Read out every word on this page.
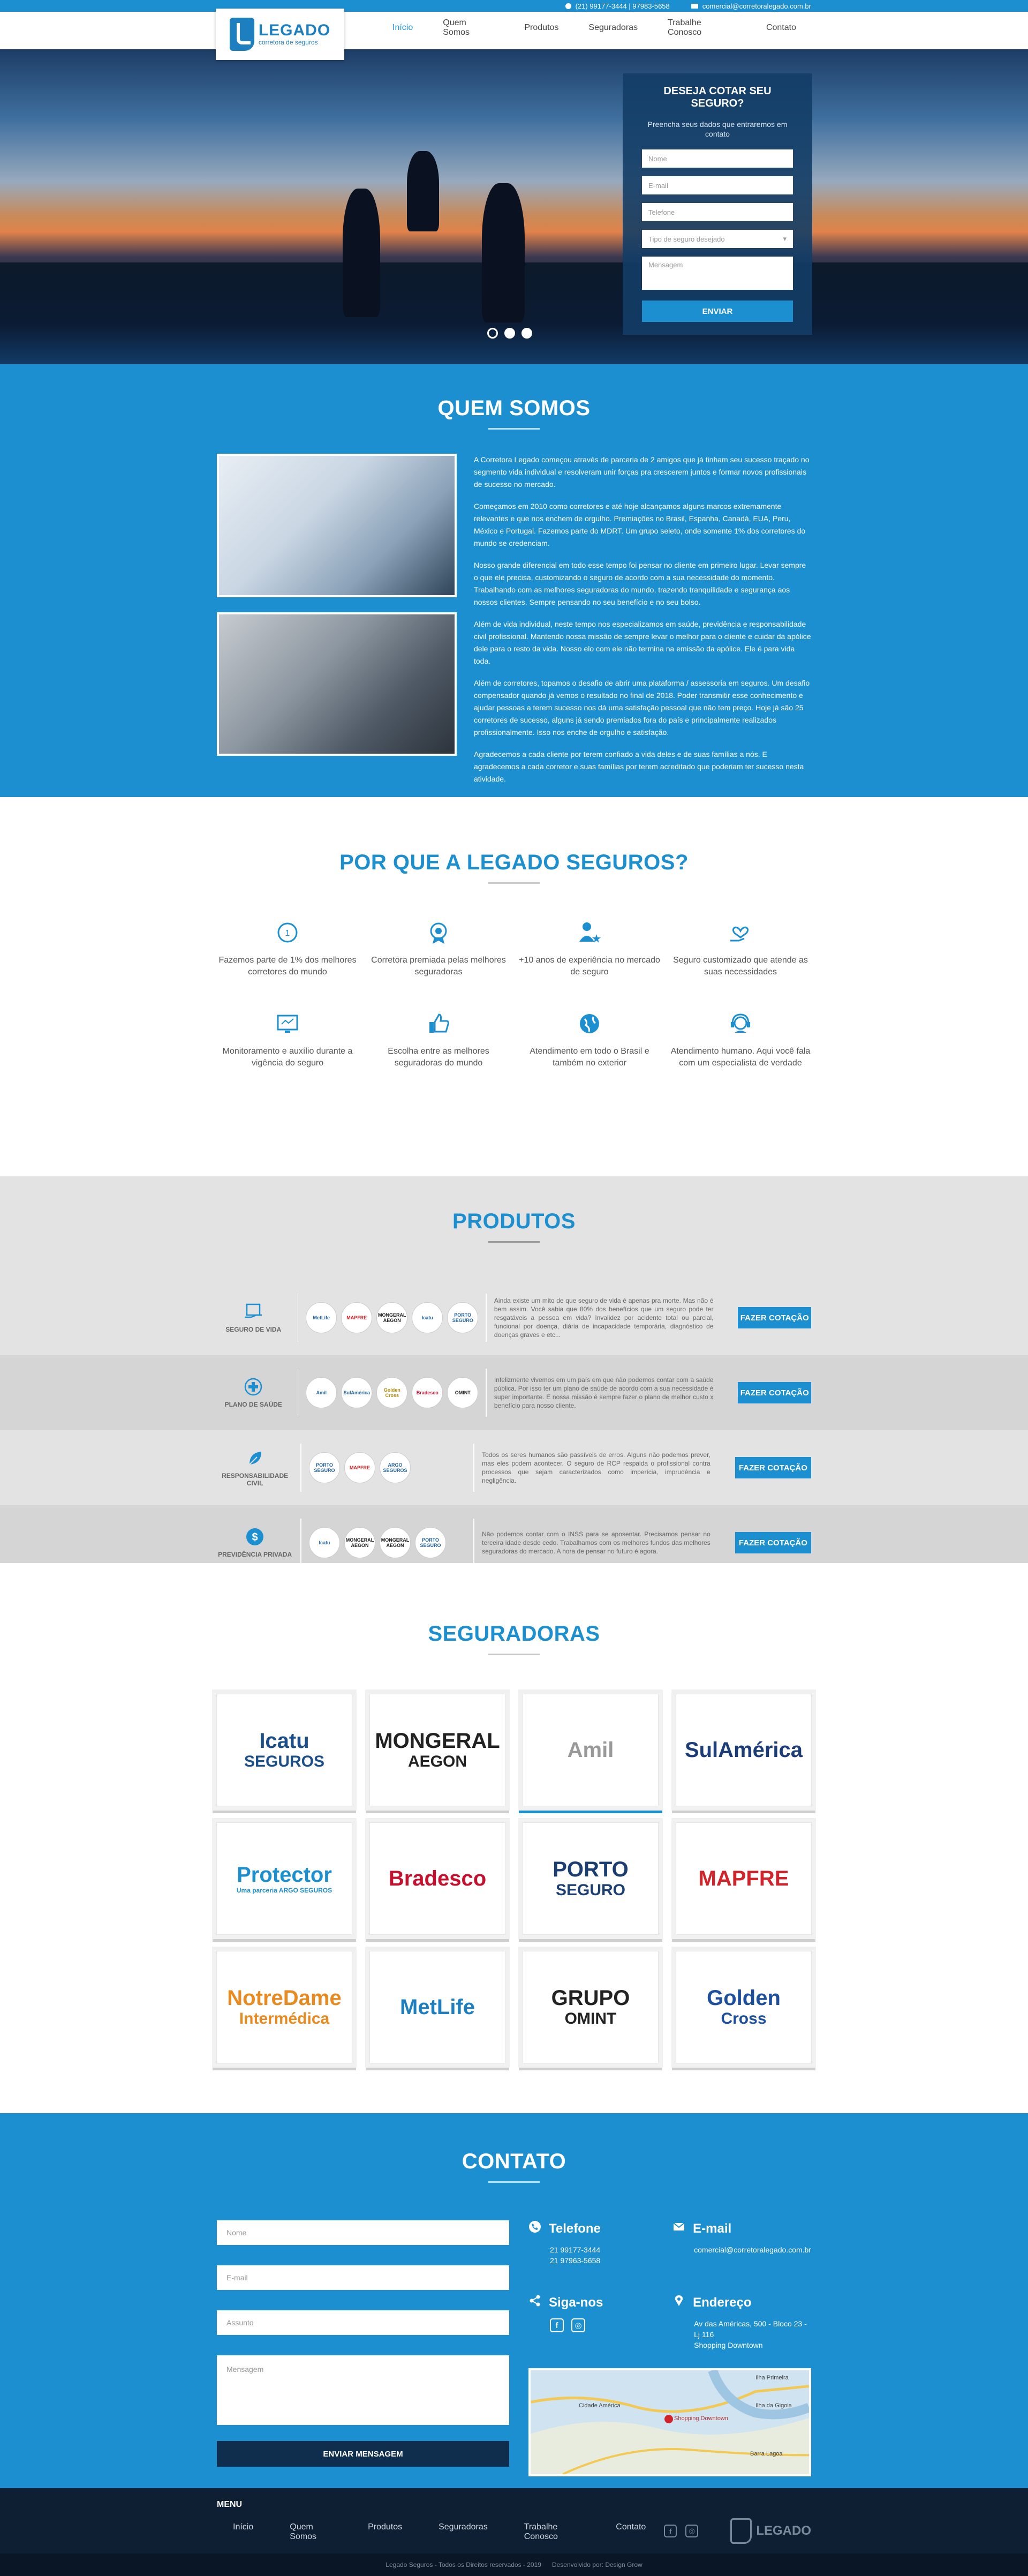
(21) 99177-3444 | 97983-5658	comercial@corretoralegado.com.br
LEGADO
corretora de seguros
Início
Quem Somos
Produtos	Seguradoras
Trabalhe Conosco
Contato
DESEJA COTAR SEU SEGURO?

Preencha seus dados que entraremos em contato

Nome
E-mail
Telefone
Tipo de seguro desejado	▾
Mensagem
ENVIAR
QUEM SOMOS

A Corretora Legado começou através de parceria de 2 amigos que já tinham seu sucesso traçado no segmento vida individual e resolveram unir forças pra crescerem juntos e formar novos profissionais de sucesso no mercado.

Começamos em 2010 como corretores e até hoje alcançamos alguns marcos extremamente relevantes e que nos enchem de orgulho. Premiações no Brasil, Espanha, Canadá, EUA, Peru, México e Portugal. Fazemos parte do MDRT. Um grupo seleto, onde somente 1% dos corretores do mundo se credenciam.

Nosso grande diferencial em todo esse tempo foi pensar no cliente em primeiro lugar. Levar sempre o que ele precisa, customizando o seguro de acordo com a sua necessidade do momento. Trabalhando com as melhores seguradoras do mundo, trazendo tranquilidade e segurança aos nossos clientes. Sempre pensando no seu benefício e no seu bolso.

Além de vida individual, neste tempo nos especializamos em saúde, previdência e responsabilidade civil profissional. Mantendo nossa missão de sempre levar o melhor para o cliente e cuidar da apólice dele para o resto da vida. Nosso elo com ele não termina na emissão da apólice. Ele é para vida toda.

Além de corretores, topamos o desafio de abrir uma plataforma / assessoria em seguros. Um desafio compensador quando já vemos o resultado no final de 2018. Poder transmitir esse conhecimento e ajudar pessoas a terem sucesso nos dá uma satisfação pessoal que não tem preço. Hoje já são 25 corretores de sucesso, alguns já sendo premiados fora do país e principalmente realizados profissionalmente. Isso nos enche de orgulho e satisfação.

Agradecemos a cada cliente por terem confiado a vida deles e de suas famílias a nós. E agradecemos a cada corretor e suas famílias por terem acreditado que poderiam ter sucesso nesta atividade.

POR QUE A LEGADO SEGUROS?
1
Fazemos parte de 1% dos melhores corretores do mundo
Corretora premiada pelas melhores seguradoras
+10 anos de experiência no mercado de seguro
Seguro customizado que atende as suas necessidades
Monitoramento e auxílio durante a vigência do seguro
Escolha entre as melhores seguradoras do mundo
Atendimento em todo o Brasil e também no exterior
Atendimento humano. Aqui você fala com um especialista de verdade
PRODUTOS
SEGURO DE VIDA
MetLife	MAPFRE	MONGERAL AEGON	Icatu	PORTO SEGURO
Ainda existe um mito de que seguro de vida é apenas pra morte. Mas não é bem assim. Você sabia que 80% dos benefícios que um seguro pode ter resgatáveis a pessoa em vida? Invalidez por acidente total ou parcial, funcional por doença, diária de incapacidade temporária, diagnóstico de doenças graves e etc...
FAZER COTAÇÃO
PLANO DE SAÚDE
Amil	SulAmérica	Golden Cross	Bradesco	OMINT
Infelizmente vivemos em um país em que não podemos contar com a saúde pública. Por isso ter um plano de saúde de acordo com a sua necessidade é super importante. E nossa missão é sempre fazer o plano de melhor custo x benefício para nosso cliente.
FAZER COTAÇÃO
RESPONSABILIDADE CIVIL
PORTO SEGURO	MAPFRE	ARGO SEGUROS
Todos os seres humanos são passíveis de erros. Alguns não podemos prever, mas eles podem acontecer. O seguro de RCP respalda o profissional contra processos que sejam caracterizados como imperícia, imprudência e negligência.
FAZER COTAÇÃO
$
PREVIDÊNCIA PRIVADA
Icatu	MONGERAL AEGON
MONGERAL AEGON
PORTO SEGURO
Não podemos contar com o INSS para se aposentar. Precisamos pensar no terceira idade desde cedo. Trabalhamos com os melhores fundos das melhores seguradoras do mercado. A hora de pensar no futuro é agora.
FAZER COTAÇÃO
SEGURADORAS
Icatu
SEGUROS
MONGERAL
AEGON	Amil	SulAmérica
Protector
Uma parceria ARGO SEGUROS	Bradesco	PORTO
SEGURO	MAPFRE
NotreDame
Intermédica	MetLife	GRUPO
OMINT
Golden
Cross
CONTATO
Nome
E-mail
Assunto
Mensagem
ENVIAR MENSAGEM
Telefone
21 99177-3444
21 97963-5658
E-mail
comercial@corretoralegado.com.br
Siga-nos
f	◎
Endereço
Av das Américas, 500 - Bloco 23 - Lj 116
Shopping Downtown
Ilha Primeira
Ilha da Gigoia
Shopping Downtown
Cidade América
Barra Lagoa
MENU
Início	Quem Somos
Produtos	Seguradoras	Trabalhe Conosco
Contato	f	◎	LEGADO
Legado Seguros - Todos os Direitos reservados - 2019 Desenvolvido por: Design Grow
